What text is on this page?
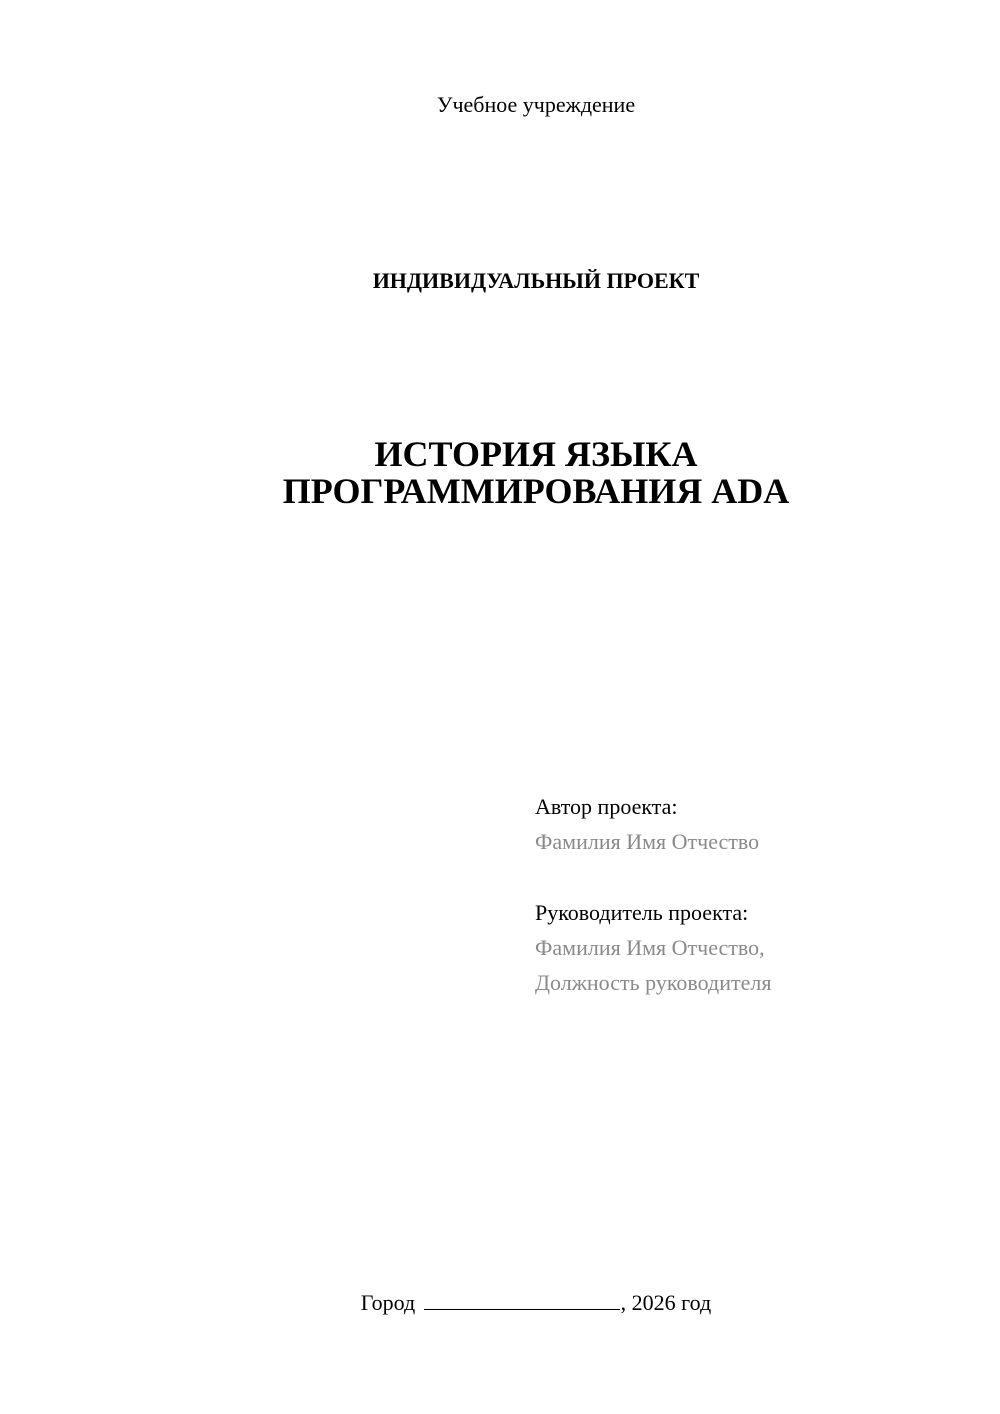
Учебное учреждение
ИНДИВИДУАЛЬНЫЙ ПРОЕКТ
ИСТОРИЯ ЯЗЫКА
ПРОГРАММИРОВАНИЯ ADA
Автор проекта:
Фамилия Имя Отчество
Руководитель проекта:
Фамилия Имя Отчество,
Должность руководителя
Город	, 2026 год
